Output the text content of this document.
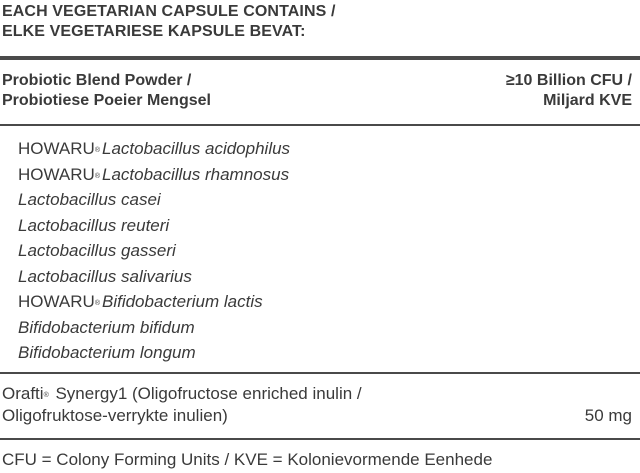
EACH VEGETARIAN CAPSULE CONTAINS /
ELKE VEGETARIESE KAPSULE BEVAT:
Probiotic Blend Powder /
Probiotiese Poeier Mengsel
≥10 Billion CFU /
Miljard KVE
HOWARU® Lactobacillus acidophilus
HOWARU® Lactobacillus rhamnosus
Lactobacillus casei
Lactobacillus reuteri
Lactobacillus gasseri
Lactobacillus salivarius
HOWARU® Bifidobacterium lactis
Bifidobacterium bifidum
Bifidobacterium longum
Orafti® Synergy1 (Oligofructose enriched inulin /
Oligofruktose-verrykte inulien)	50 mg
CFU = Colony Forming Units / KVE = Kolonievormende Eenhede
